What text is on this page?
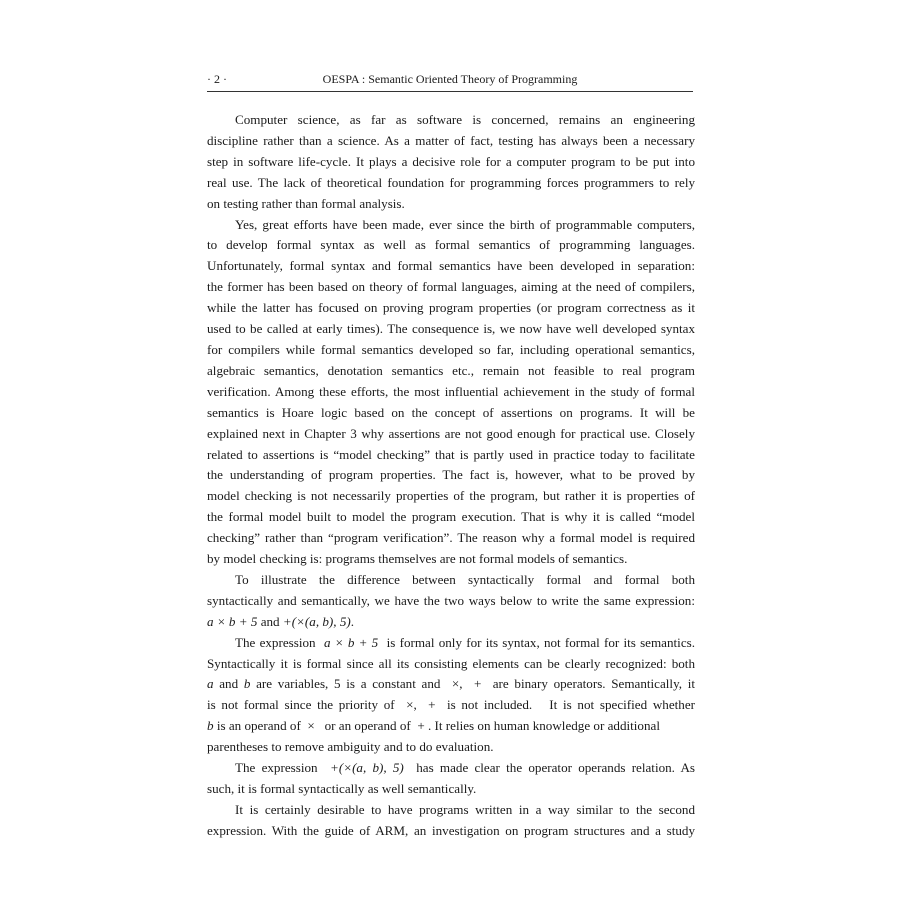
· 2 ·	OESPA : Semantic Oriented Theory of Programming

Computer science, as far as software is concerned, remains an engineering
discipline rather than a science. As a matter of fact, testing has always been a necessary
step in software life-cycle. It plays a decisive role for a computer program to be put into
real use. The lack of theoretical foundation for programming forces programmers to rely
on testing rather than formal analysis.

Yes, great efforts have been made, ever since the birth of programmable computers,
to develop formal syntax as well as formal semantics of programming languages.
Unfortunately, formal syntax and formal semantics have been developed in separation:
the former has been based on theory of formal languages, aiming at the need of compilers,
while the latter has focused on proving program properties (or program correctness as it
used to be called at early times). The consequence is, we now have well developed syntax
for compilers while formal semantics developed so far, including operational semantics,
algebraic semantics, denotation semantics etc., remain not feasible to real program
verification. Among these efforts, the most influential achievement in the study of formal
semantics is Hoare logic based on the concept of assertions on programs. It will be
explained next in Chapter 3 why assertions are not good enough for practical use. Closely
related to assertions is “model checking” that is partly used in practice today to facilitate
the understanding of program properties. The fact is, however, what to be proved by
model checking is not necessarily properties of the program, but rather it is properties of
the formal model built to model the program execution. That is why it is called “model
checking” rather than “program verification”. The reason why a formal model is required
by model checking is: programs themselves are not formal models of semantics.

To illustrate the difference between syntactically formal and formal both
syntactically and semantically, we have the two ways below to write the same expression:
a × b + 5 and +(×(a, b), 5).

The expression a × b + 5 is formal only for its syntax, not formal for its semantics.
Syntactically it is formal since all its consisting elements can be clearly recognized: both
a and b are variables, 5 is a constant and ×, + are binary operators. Semantically, it
is not formal since the priority of ×, + is not included. It is not specified whether
b is an operand of × or an operand of + . It relies on human knowledge or additional
parentheses to remove ambiguity and to do evaluation.

The expression +(×(a, b), 5) has made clear the operator operands relation. As
such, it is formal syntactically as well semantically.

It is certainly desirable to have programs written in a way similar to the second
expression. With the guide of ARM, an investigation on program structures and a study
